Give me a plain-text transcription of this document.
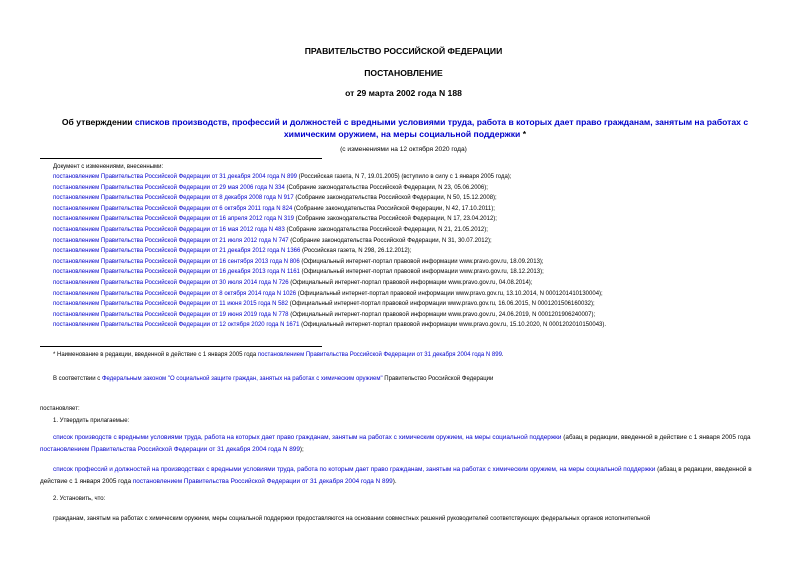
ПРАВИТЕЛЬСТВО РОССИЙСКОЙ ФЕДЕРАЦИИ
ПОСТАНОВЛЕНИЕ
от 29 марта 2002 года N 188
Об утверждении списков производств, профессий и должностей с вредными условиями труда, работа в которых дает право гражданам, занятым на работах с химическим оружием, на меры социальной поддержки *
(с изменениями на 12 октября 2020 года)
Документ с изменениями, внесенными:
постановлением Правительства Российской Федерации от 31 декабря 2004 года N 899 (Российская газета, N 7, 19.01.2005) (вступило в силу с 1 января 2005 года);
постановлением Правительства Российской Федерации от 29 мая 2006 года N 334 (Собрание законодательства Российской Федерации, N 23, 05.06.2006);
постановлением Правительства Российской Федерации от 8 декабря 2008 года N 917 (Собрание законодательства Российской Федерации, N 50, 15.12.2008);
постановлением Правительства Российской Федерации от 6 октября 2011 года N 824 (Собрание законодательства Российской Федерации, N 42, 17.10.2011);
постановлением Правительства Российской Федерации от 16 апреля 2012 года N 319 (Собрание законодательства Российской Федерации, N 17, 23.04.2012);
постановлением Правительства Российской Федерации от 16 мая 2012 года N 483 (Собрание законодательства Российской Федерации, N 21, 21.05.2012);
постановлением Правительства Российской Федерации от 21 июля 2012 года N 747 (Собрание законодательства Российской Федерации, N 31, 30.07.2012);
постановлением Правительства Российской Федерации от 21 декабря 2012 года N 1366 (Российская газета, N 298, 26.12.2012);
постановлением Правительства Российской Федерации от 16 сентября 2013 года N 806 (Официальный интернет-портал правовой информации www.pravo.gov.ru, 18.09.2013);
постановлением Правительства Российской Федерации от 16 декабря 2013 года N 1161 (Официальный интернет-портал правовой информации www.pravo.gov.ru, 18.12.2013);
постановлением Правительства Российской Федерации от 30 июля 2014 года N 726 (Официальный интернет-портал правовой информации www.pravo.gov.ru, 04.08.2014);
постановлением Правительства Российской Федерации от 8 октября 2014 года N 1026 (Официальный интернет-портал правовой информации www.pravo.gov.ru, 13.10.2014, N 0001201410130004);
постановлением Правительства Российской Федерации от 11 июня 2015 года N 582 (Официальный интернет-портал правовой информации www.pravo.gov.ru, 16.06.2015, N 0001201506160032);
постановлением Правительства Российской Федерации от 19 июня 2019 года N 778 (Официальный интернет-портал правовой информации www.pravo.gov.ru, 24.06.2019, N 0001201906240007);
постановлением Правительства Российской Федерации от 12 октября 2020 года N 1671 (Официальный интернет-портал правовой информации www.pravo.gov.ru, 15.10.2020, N 0001202010150043).
* Наименование в редакции, введенной в действие с 1 января 2005 года постановлением Правительства Российской Федерации от 31 декабря 2004 года N 899.
В соответствии с Федеральным законом "О социальной защите граждан, занятых на работах с химическим оружием" Правительство Российской Федерации
постановляет:
1. Утвердить прилагаемые:
список производств с вредными условиями труда, работа на которых дает право гражданам, занятым на работах с химическим оружием, на меры социальной поддержки (абзац в редакции, введенной в действие с 1 января 2005 года постановлением Правительства Российской Федерации от 31 декабря 2004 года N 899);
список профессий и должностей на производствах с вредными условиями труда, работа по которым дает право гражданам, занятым на работах с химическим оружием, на меры социальной поддержки (абзац в редакции, введенной в действие с 1 января 2005 года постановлением Правительства Российской Федерации от 31 декабря 2004 года N 899).
2. Установить, что:
гражданам, занятым на работах с химическим оружием, меры социальной поддержки предоставляются на основании совместных решений руководителей соответствующих федеральных органов исполнительной
